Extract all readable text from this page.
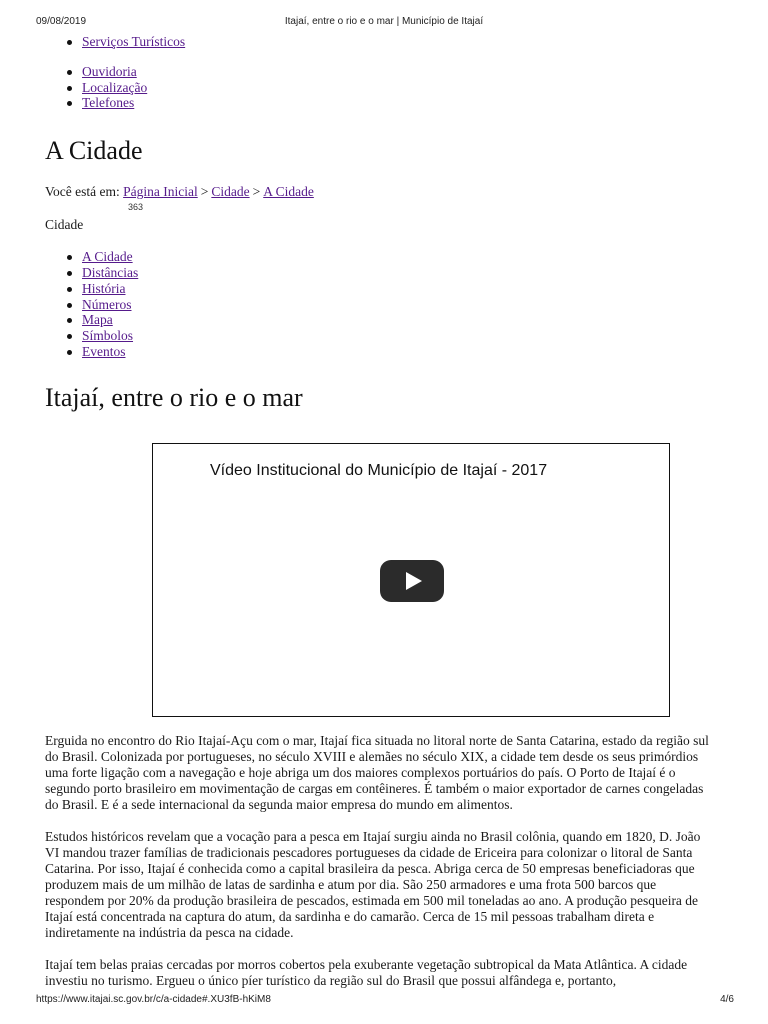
09/08/2019	Itajaí, entre o rio e o mar | Município de Itajaí
Serviços Turísticos
Ouvidoria
Localização
Telefones
A Cidade
Você está em: Página Inicial > Cidade > A Cidade
363
Cidade
A Cidade
Distâncias
História
Números
Mapa
Símbolos
Eventos
Itajaí, entre o rio e o mar
Vídeo Institucional do Município de Itajaí - 2017

Erguida no encontro do Rio Itajaí-Açu com o mar, Itajaí fica situada no litoral norte de Santa Catarina, estado da região sul do Brasil. Colonizada por portugueses, no século XVIII e alemães no século XIX, a cidade tem desde os seus primórdios uma forte ligação com a navegação e hoje abriga um dos maiores complexos portuários do país. O Porto de Itajaí é o segundo porto brasileiro em movimentação de cargas em contêineres. É também o maior exportador de carnes congeladas do Brasil. E é a sede internacional da segunda maior empresa do mundo em alimentos.

Estudos históricos revelam que a vocação para a pesca em Itajaí surgiu ainda no Brasil colônia, quando em 1820, D. João VI mandou trazer famílias de tradicionais pescadores portugueses da cidade de Ericeira para colonizar o litoral de Santa Catarina. Por isso, Itajaí é conhecida como a capital brasileira da pesca. Abriga cerca de 50 empresas beneficiadoras que produzem mais de um milhão de latas de sardinha e atum por dia. São 250 armadores e uma frota 500 barcos que respondem por 20% da produção brasileira de pescados, estimada em 500 mil toneladas ao ano. A produção pesqueira de Itajaí está concentrada na captura do atum, da sardinha e do camarão. Cerca de 15 mil pessoas trabalham direta e indiretamente na indústria da pesca na cidade.

Itajaí tem belas praias cercadas por morros cobertos pela exuberante vegetação subtropical da Mata Atlântica. A cidade investiu no turismo. Ergueu o único píer turístico da região sul do Brasil que possui alfândega e, portanto,

https://www.itajai.sc.gov.br/c/a-cidade#.XU3fB-hKiM8	4/6
